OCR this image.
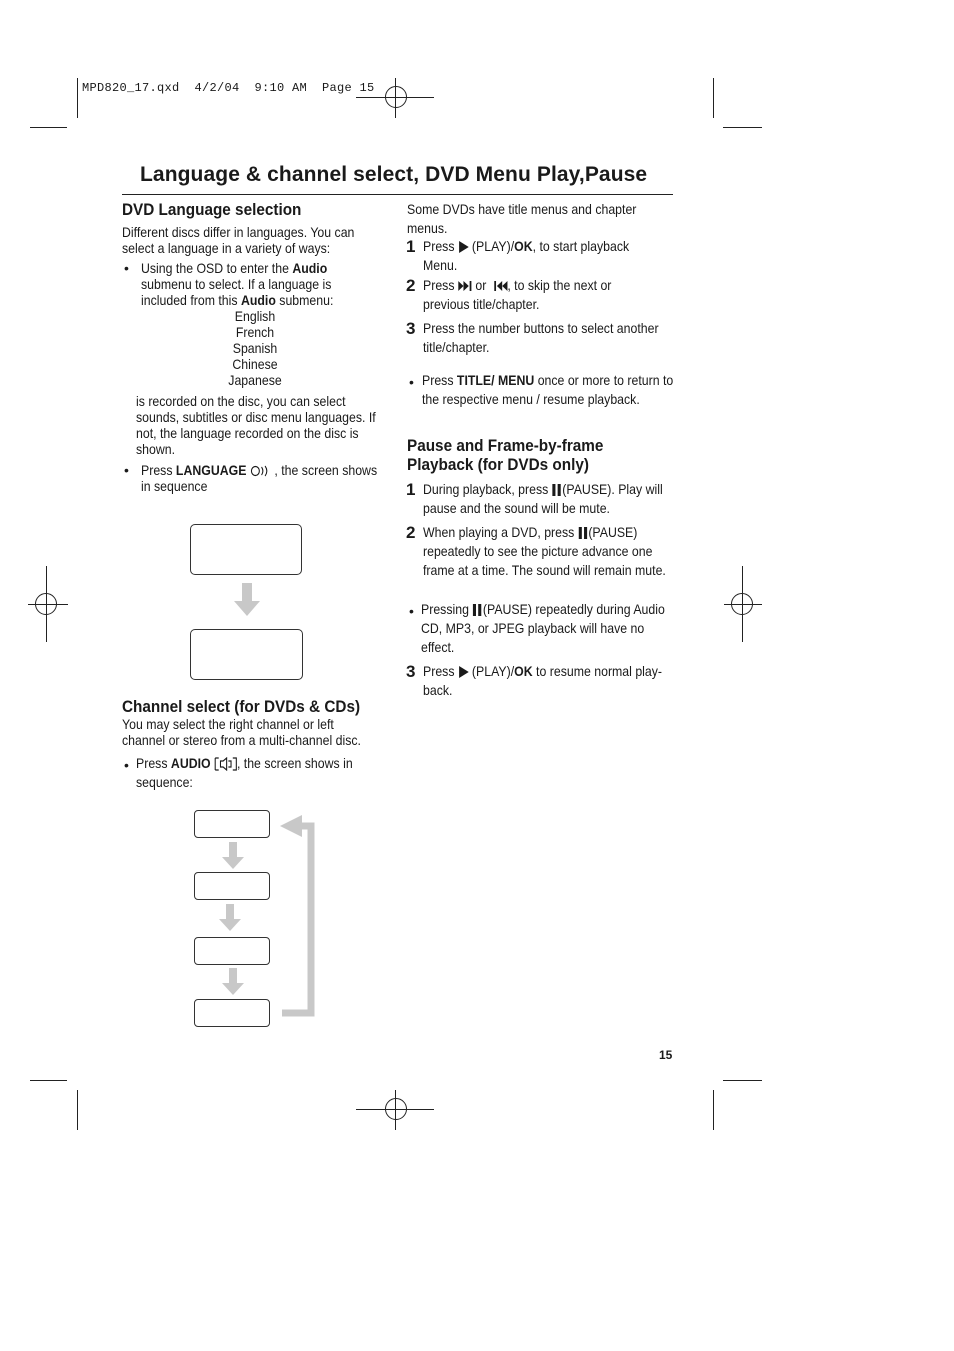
MPD820_17.qxd  4/2/04  9:10 AM  Page 15
Language & channel select, DVD Menu Play,Pause
DVD Language selection
Different discs differ in languages. You can select a language in a variety of ways:
• Using the OSD to enter the Audio submenu to select. If a language is included from this Audio submenu:
English
French
Spanish
Chinese
Japanese
is recorded on the disc, you can select sounds, subtitles or disc menu languages. If not, the language recorded on the disc is shown.
• Press LANGUAGE  , the screen shows in sequence
Channel select (for DVDs & CDs)
You may select the right channel or left channel or stereo from a multi-channel disc.
• Press AUDIO , the screen shows in sequence:
Some DVDs have title menus and chapter menus.
1 Press  (PLAY)/OK, to start playback Menu.
2 Press  or  , to skip the next or previous title/chapter.
3 Press the number buttons to select another title/chapter.
• Press TITLE/ MENU once or more to return to the respective menu / resume playback.
Pause and Frame-by-frame
Playback (for DVDs only)
1 During playback, press (PAUSE). Play will pause and the sound will be mute.
2 When playing a DVD, press (PAUSE) repeatedly to see the picture advance one frame at a time. The sound will remain mute.
• Pressing (PAUSE) repeatedly during Audio CD, MP3, or JPEG playback will have no effect.
3 Press  (PLAY)/OK to resume normal play-back.
15
